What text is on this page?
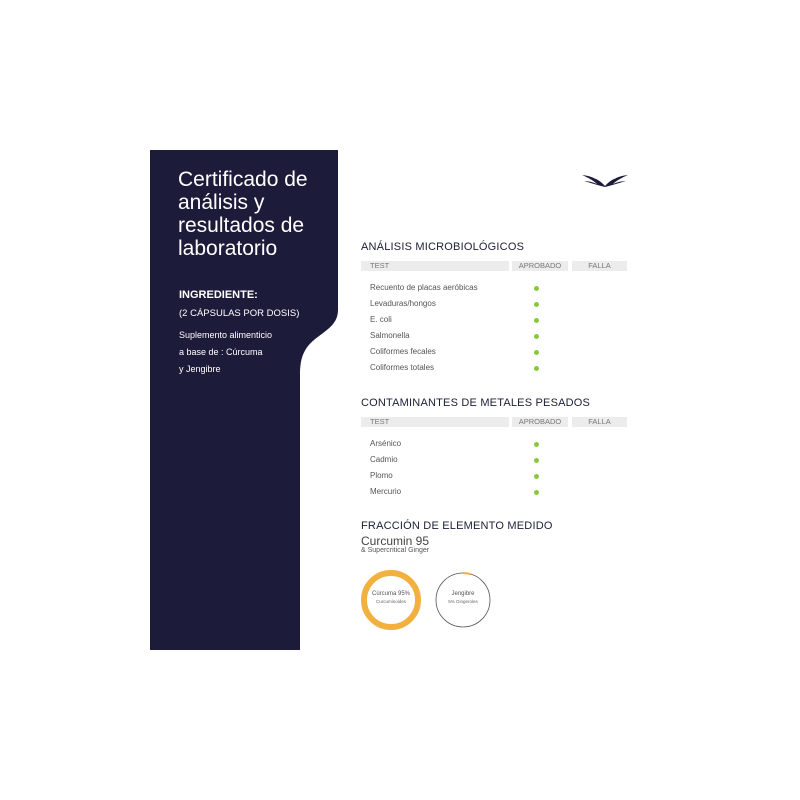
Certificado de análisis y resultados de laboratorio
INGREDIENTE:
(2 CÁPSULAS POR DOSIS)
Suplemento alimenticio
a base de : Cúrcuma
y Jengibre
ANÁLISIS MICROBIOLÓGICOS
TEST	APROBADO	FALLA
Recuento de placas aeróbicas
Levaduras/hongos
E. coli
Salmonella
Coliformes fecales
Coliformes totales
CONTAMINANTES DE METALES PESADOS
TEST	APROBADO	FALLA
Arsénico
Cadmio
Plomo
Mercurio
FRACCIÓN DE ELEMENTO MEDIDO
Curcumin 95
& Supercritical Ginger
Cúrcuma 95%
Curcuminoides
Jengibre
5% Gingeroles
